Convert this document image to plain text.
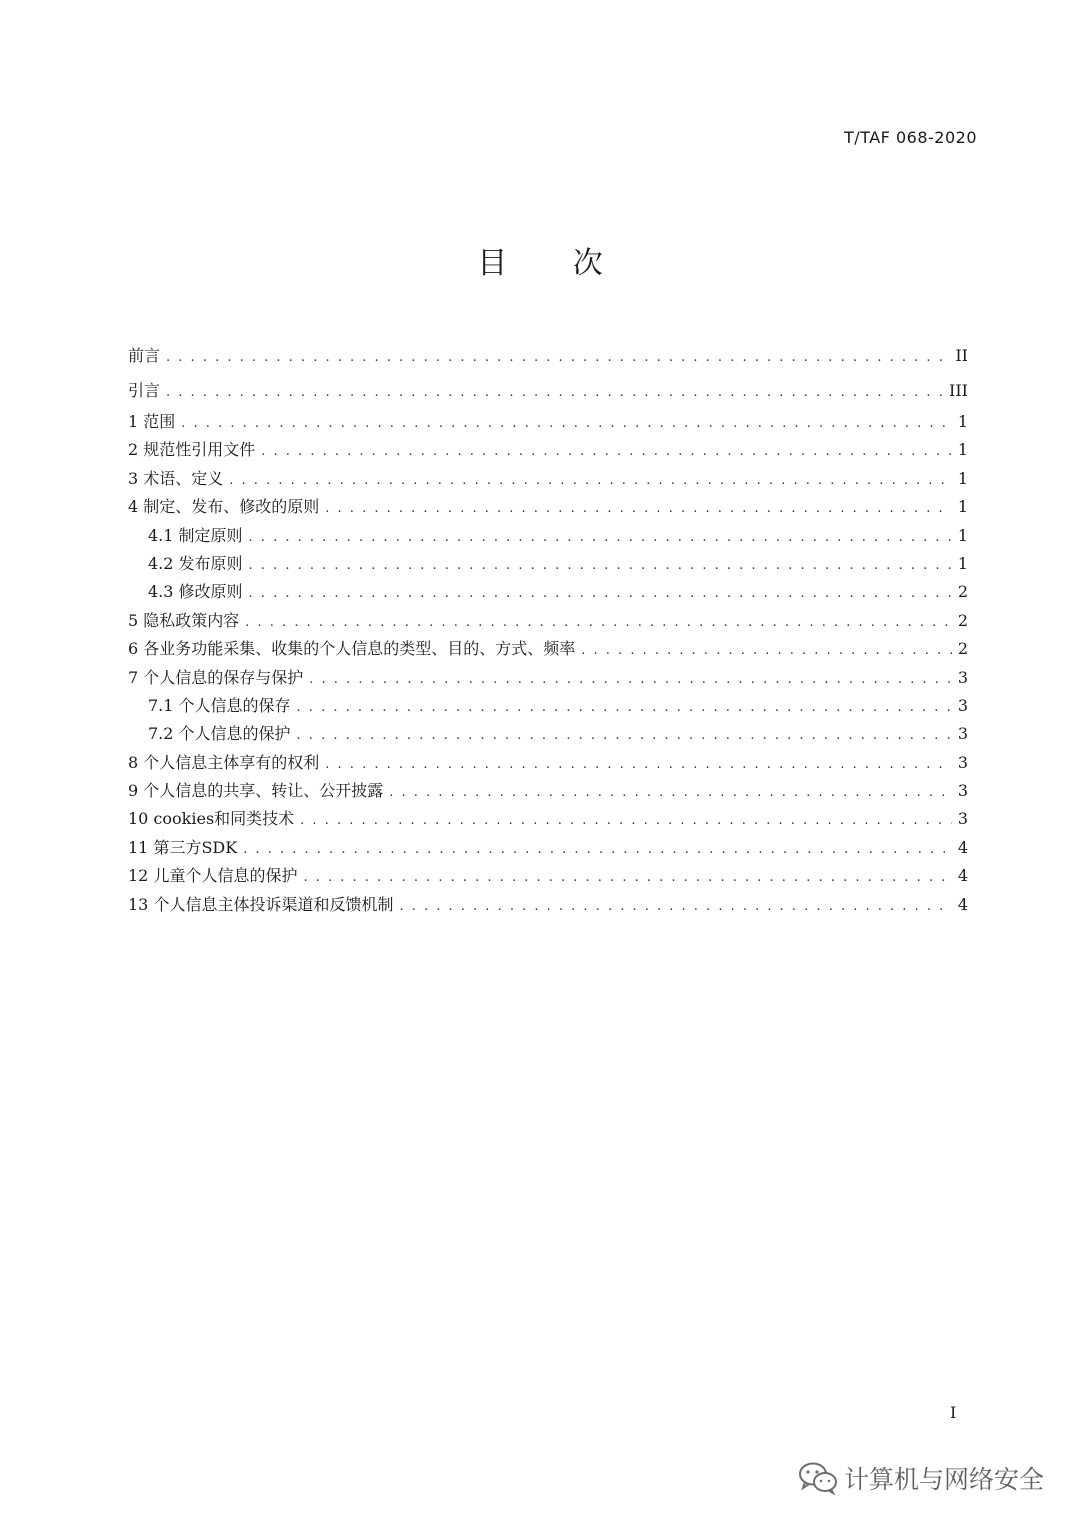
T/TAF 068-2020
目 次
前言 . . .	II
引言 . . .	III
1 范围 . . .	1
2 规范性引用文件 . . .	1
3 术语、定义 . . .	1
4 制定、发布、修改的原则 . . .	1
4.1 制定原则 . . .	1
4.2 发布原则 . . .	1
4.3 修改原则 . . .	2
5 隐私政策内容 . . .	2
6 各业务功能采集、收集的个人信息的类型、目的、方式、频率 . . .	2
7 个人信息的保存与保护 . . .	3
7.1 个人信息的保存 . . .	3
7.2 个人信息的保护 . . .	3
8 个人信息主体享有的权利 . . .	3
9 个人信息的共享、转让、公开披露 . . .	3
10 cookies和同类技术 . . .	3
11 第三方SDK . . .	4
12 儿童个人信息的保护 . . .	4
13 个人信息主体投诉渠道和反馈机制 . . .	4
I
计算机与网络安全
